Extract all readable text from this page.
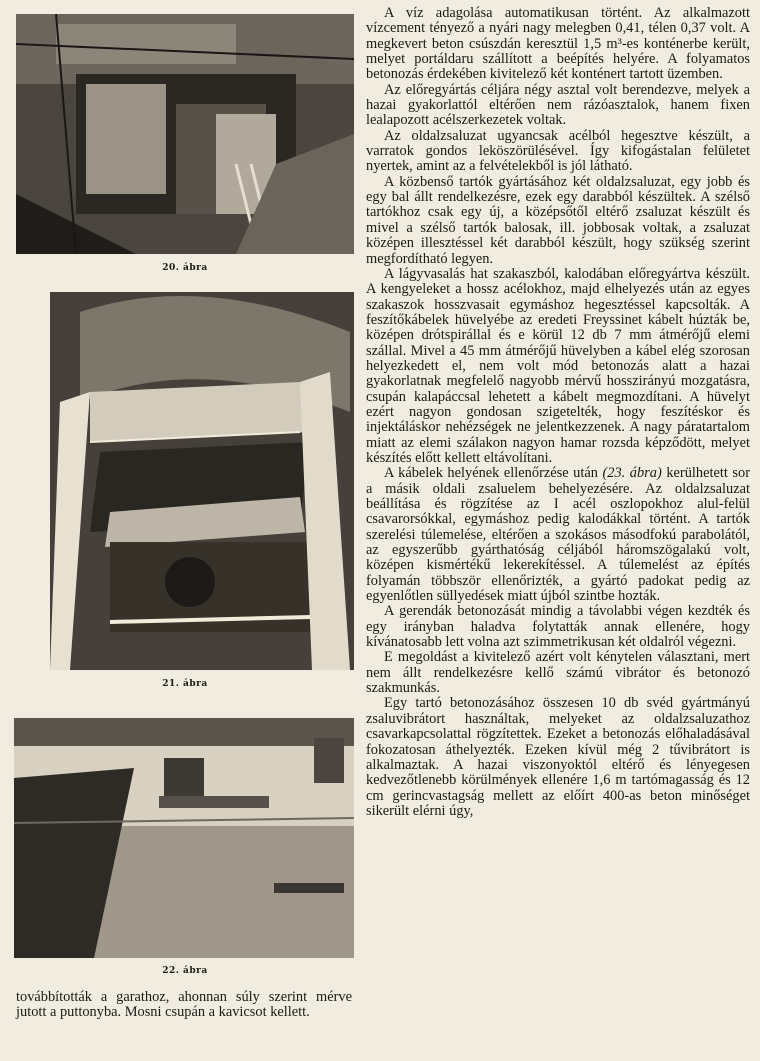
20. ábra
21. ábra
22. ábra

továbbították a garathoz, ahonnan súly szerint mérve jutott a puttonyba. Mosni csupán a kavicsot kellett.

A víz adagolása automatikusan történt. Az alkalmazott vízcement tényező a nyári nagy melegben 0,41, télen 0,37 volt. A megkevert beton csúszdán keresztül 1,5 m³-es konténerbe került, melyet portáldaru szállított a beépítés helyére. A folyamatos betonozás érdekében kivitelező két konténert tartott üzemben.

Az előregyártás céljára négy asztal volt berendezve, melyek a hazai gyakorlattól eltérően nem rázóasztalok, hanem fixen lealapozott acélszerkezetek voltak.

Az oldalzsaluzat ugyancsak acélból hegesztve készült, a varratok gondos leköszörülésével. Így kifogástalan felületet nyertek, amint az a felvételekből is jól látható.

A közbenső tartók gyártásához két oldalzsaluzat, egy jobb és egy bal állt rendelkezésre, ezek egy darabból készültek. A szélső tartókhoz csak egy új, a középsőtől eltérő zsaluzat készült és mivel a szélső tartók balosak, ill. jobbosak voltak, a zsaluzat középen illesztéssel két darabból készült, hogy szükség szerint megfordítható legyen.

A lágyvasalás hat szakaszból, kalodában előregyártva készült. A kengyeleket a hossz acélokhoz, majd elhelyezés után az egyes szakaszok hosszvasait egymáshoz hegesztéssel kapcsolták. A feszítőkábelek hüvelyébe az eredeti Freyssinet kábelt húzták be, középen drótspirállal és e körül 12 db 7 mm átmérőjű elemi szállal. Mivel a 45 mm átmérőjű hüvelyben a kábel elég szorosan helyezkedett el, nem volt mód betonozás alatt a hazai gyakorlatnak megfelelő nagyobb mérvű hosszirányú mozgatásra, csupán kalapáccsal lehetett a kábelt megmozdítani. A hüvelyt ezért nagyon gondosan szigetelték, hogy feszítéskor és injektáláskor nehézségek ne jelentkezzenek. A nagy páratartalom miatt az elemi szálakon nagyon hamar rozsda képződött, melyet készítés előtt kellett eltávolítani.

A kábelek helyének ellenőrzése után (23. ábra) kerülhetett sor a másik oldali zsaluelem behelyezésére. Az oldalzsaluzat beállítása és rögzítése az I acél oszlopokhoz alul-felül csavarorsókkal, egymáshoz pedig kalodákkal történt. A tartók szerelési túlemelése, eltérően a szokásos másodfokú parabolától, az egyszerűbb gyárthatóság céljából háromszögalakú volt, középen kismértékű lekerekítéssel. A túlemelést az építés folyamán többször ellenőrizték, a gyártó padokat pedig az egyenlőtlen süllyedések miatt újból szintbe hozták.

A gerendák betonozását mindig a távolabbi végen kezdték és egy irányban haladva folytatták annak ellenére, hogy kívánatosabb lett volna azt szimmetrikusan két oldalról végezni.

E megoldást a kivitelező azért volt kénytelen választani, mert nem állt rendelkezésre kellő számú vibrátor és betonozó szakmunkás.

Egy tartó betonozásához összesen 10 db svéd gyártmányú zsaluvibrátort használtak, melyeket az oldalzsaluzathoz csavarkapcsolattal rögzítettek. Ezeket a betonozás előhaladásával fokozatosan áthelyezték. Ezeken kívül még 2 tűvibrátort is alkalmaztak. A hazai viszonyoktól eltérő és lényegesen kedvezőtlenebb körülmények ellenére 1,6 m tartómagasság és 12 cm gerincvastagság mellett az előírt 400-as beton minőséget sikerült elérni úgy,
